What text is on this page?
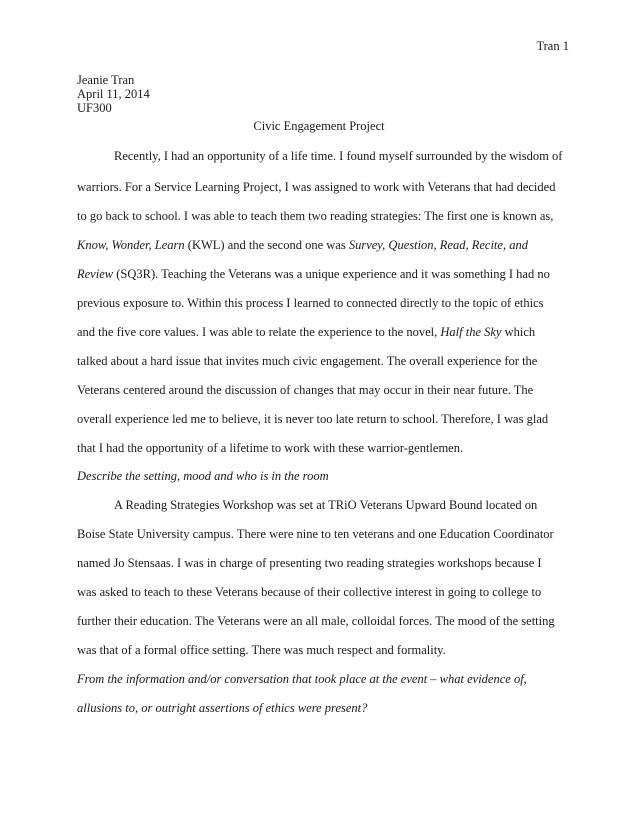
Tran 1
Jeanie Tran
April 11, 2014
UF300
Civic Engagement Project
Recently, I had an opportunity of a life time. I found myself surrounded by the wisdom of
warriors. For a Service Learning Project, I was assigned to work with Veterans that had decided
to go back to school. I was able to teach them two reading strategies: The first one is known as,
Know, Wonder, Learn (KWL) and the second one was Survey, Question, Read, Recite, and
Review (SQ3R). Teaching the Veterans was a unique experience and it was something I had no
previous exposure to. Within this process I learned to connected directly to the topic of ethics
and the five core values. I was able to relate the experience to the novel, Half the Sky which
talked about a hard issue that invites much civic engagement. The overall experience for the
Veterans centered around the discussion of changes that may occur in their near future. The
overall experience led me to believe, it is never too late return to school. Therefore, I was glad
that I had the opportunity of a lifetime to work with these warrior-gentlemen.
Describe the setting, mood and who is in the room
A Reading Strategies Workshop was set at TRiO Veterans Upward Bound located on
Boise State University campus. There were nine to ten veterans and one Education Coordinator
named Jo Stensaas. I was in charge of presenting two reading strategies workshops because I
was asked to teach to these Veterans because of their collective interest in going to college to
further their education. The Veterans were an all male, colloidal forces. The mood of the setting
was that of a formal office setting. There was much respect and formality.
From the information and/or conversation that took place at the event – what evidence of,
allusions to, or outright assertions of ethics were present?
